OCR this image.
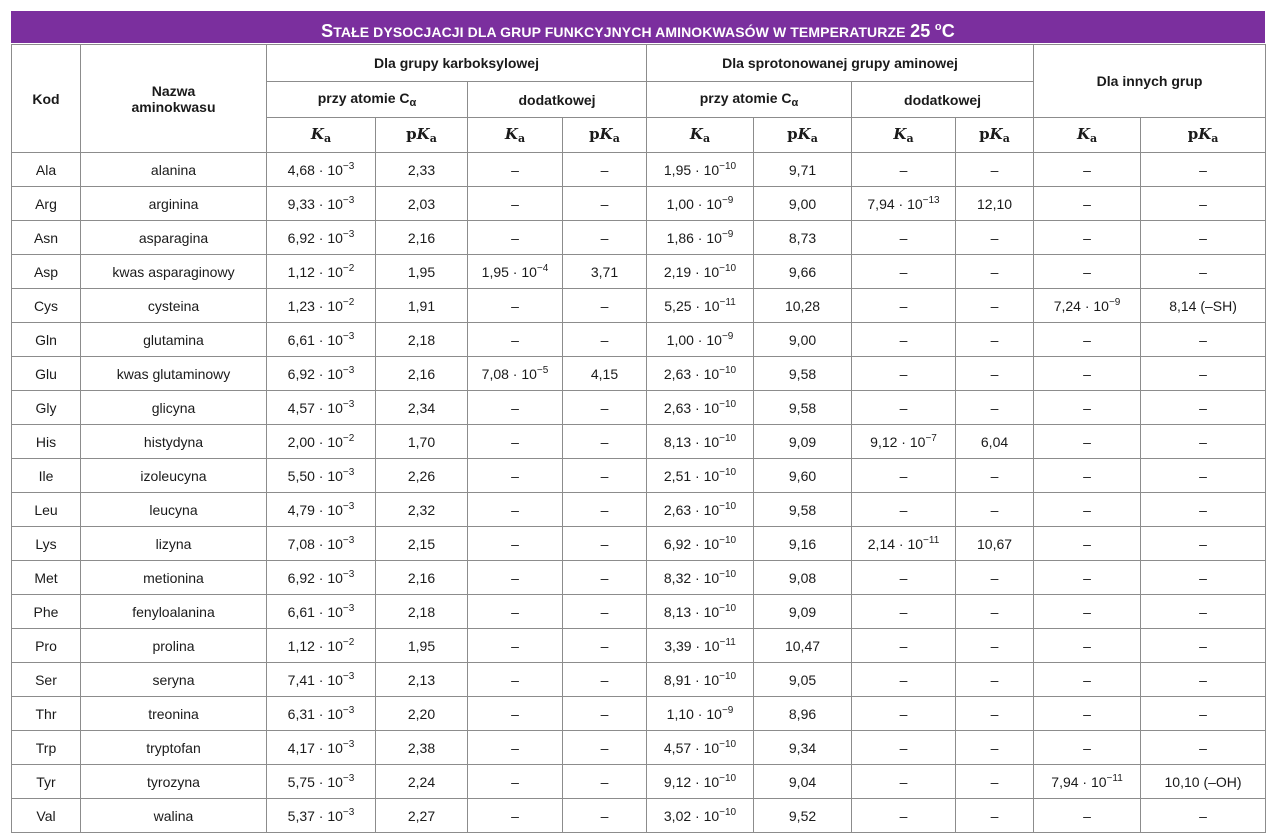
STAŁE DYSOCJACJI DLA GRUP FUNKCYJNYCH AMINOKWASÓW W TEMPERATURZE 25 $^o$C
Kod	Nazwa
aminokwasu	Dla grupy karboksylowej				Dla sprotonowanej grupy aminowej				Dla innych grup	
		przy atomie $C_\alpha$		dodatkowej		przy atomie $C_\alpha$		dodatkowej			
		$K_a$	$pK_a$	$K_a$	$pK_a$	$K_a$	$pK_a$	$K_a$	$pK_a$	$K_a$	$pK_a$
Ala	alanina	$4,68 \cdot 10^{-3}$	2,33	–	–	$1,95 \cdot 10^{-10}$	9,71	–	–	–	–
Arg	arginina	$9,33 \cdot 10^{-3}$	2,03	–	–	$1,00 \cdot 10^{-9}$	9,00	$7,94 \cdot 10^{-13}$	12,10	–	–
Asn	asparagina	$6,92 \cdot 10^{-3}$	2,16	–	–	$1,86 \cdot 10^{-9}$	8,73	–	–	–	–
Asp	kwas asparaginowy	$1,12 \cdot 10^{-2}$	1,95	$1,95 \cdot 10^{-4}$	3,71	$2,19 \cdot 10^{-10}$	9,66	–	–	–	–
Cys	cysteina	$1,23 \cdot 10^{-2}$	1,91	–	–	$5,25 \cdot 10^{-11}$	10,28	–	–	$7,24 \cdot 10^{-9}$	8,14 (–SH)
Gln	glutamina	$6,61 \cdot 10^{-3}$	2,18	–	–	$1,00 \cdot 10^{-9}$	9,00	–	–	–	–
Glu	kwas glutaminowy	$6,92 \cdot 10^{-3}$	2,16	$7,08 \cdot 10^{-5}$	4,15	$2,63 \cdot 10^{-10}$	9,58	–	–	–	–
Gly	glicyna	$4,57 \cdot 10^{-3}$	2,34	–	–	$2,63 \cdot 10^{-10}$	9,58	–	–	–	–
His	histydyna	$2,00 \cdot 10^{-2}$	1,70	–	–	$8,13 \cdot 10^{-10}$	9,09	$9,12 \cdot 10^{-7}$	6,04	–	–
Ile	izoleucyna	$5,50 \cdot 10^{-3}$	2,26	–	–	$2,51 \cdot 10^{-10}$	9,60	–	–	–	–
Leu	leucyna	$4,79 \cdot 10^{-3}$	2,32	–	–	$2,63 \cdot 10^{-10}$	9,58	–	–	–	–
Lys	lizyna	$7,08 \cdot 10^{-3}$	2,15	–	–	$6,92 \cdot 10^{-10}$	9,16	$2,14 \cdot 10^{-11}$	10,67	–	–
Met	metionina	$6,92 \cdot 10^{-3}$	2,16	–	–	$8,32 \cdot 10^{-10}$	9,08	–	–	–	–
Phe	fenyloalanina	$6,61 \cdot 10^{-3}$	2,18	–	–	$8,13 \cdot 10^{-10}$	9,09	–	–	–	–
Pro	prolina	$1,12 \cdot 10^{-2}$	1,95	–	–	$3,39 \cdot 10^{-11}$	10,47	–	–	–	–
Ser	seryna	$7,41 \cdot 10^{-3}$	2,13	–	–	$8,91 \cdot 10^{-10}$	9,05	–	–	–	–
Thr	treonina	$6,31 \cdot 10^{-3}$	2,20	–	–	$1,10 \cdot 10^{-9}$	8,96	–	–	–	–
Trp	tryptofan	$4,17 \cdot 10^{-3}$	2,38	–	–	$4,57 \cdot 10^{-10}$	9,34	–	–	–	–
Tyr	tyrozyna	$5,75 \cdot 10^{-3}$	2,24	–	–	$9,12 \cdot 10^{-10}$	9,04	–	–	$7,94 \cdot 10^{-11}$	10,10 (–OH)
Val	walina	$5,37 \cdot 10^{-3}$	2,27	–	–	$3,02 \cdot 10^{-10}$	9,52	–	–	–	–
